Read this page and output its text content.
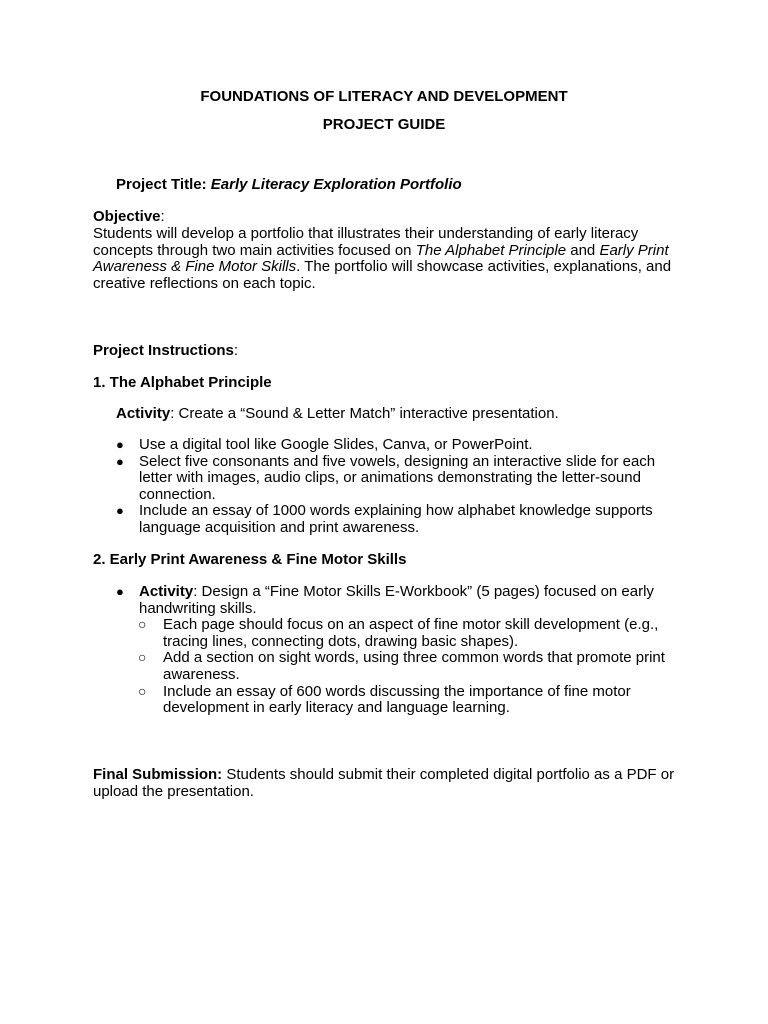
FOUNDATIONS OF LITERACY AND DEVELOPMENT
PROJECT GUIDE
Project Title: Early Literacy Exploration Portfolio
Objective:
Students will develop a portfolio that illustrates their understanding of early literacy concepts through two main activities focused on The Alphabet Principle and Early Print Awareness & Fine Motor Skills. The portfolio will showcase activities, explanations, and creative reflections on each topic.
Project Instructions:
1. The Alphabet Principle
Activity: Create a “Sound & Letter Match” interactive presentation.
● Use a digital tool like Google Slides, Canva, or PowerPoint.
● Select five consonants and five vowels, designing an interactive slide for each letter with images, audio clips, or animations demonstrating the letter-sound connection.
● Include an essay of 1000 words explaining how alphabet knowledge supports language acquisition and print awareness.
2. Early Print Awareness & Fine Motor Skills
● Activity: Design a “Fine Motor Skills E-Workbook” (5 pages) focused on early handwriting skills.
○ Each page should focus on an aspect of fine motor skill development (e.g., tracing lines, connecting dots, drawing basic shapes).
○ Add a section on sight words, using three common words that promote print awareness.
○ Include an essay of 600 words discussing the importance of fine motor development in early literacy and language learning.
Final Submission: Students should submit their completed digital portfolio as a PDF or upload the presentation.
